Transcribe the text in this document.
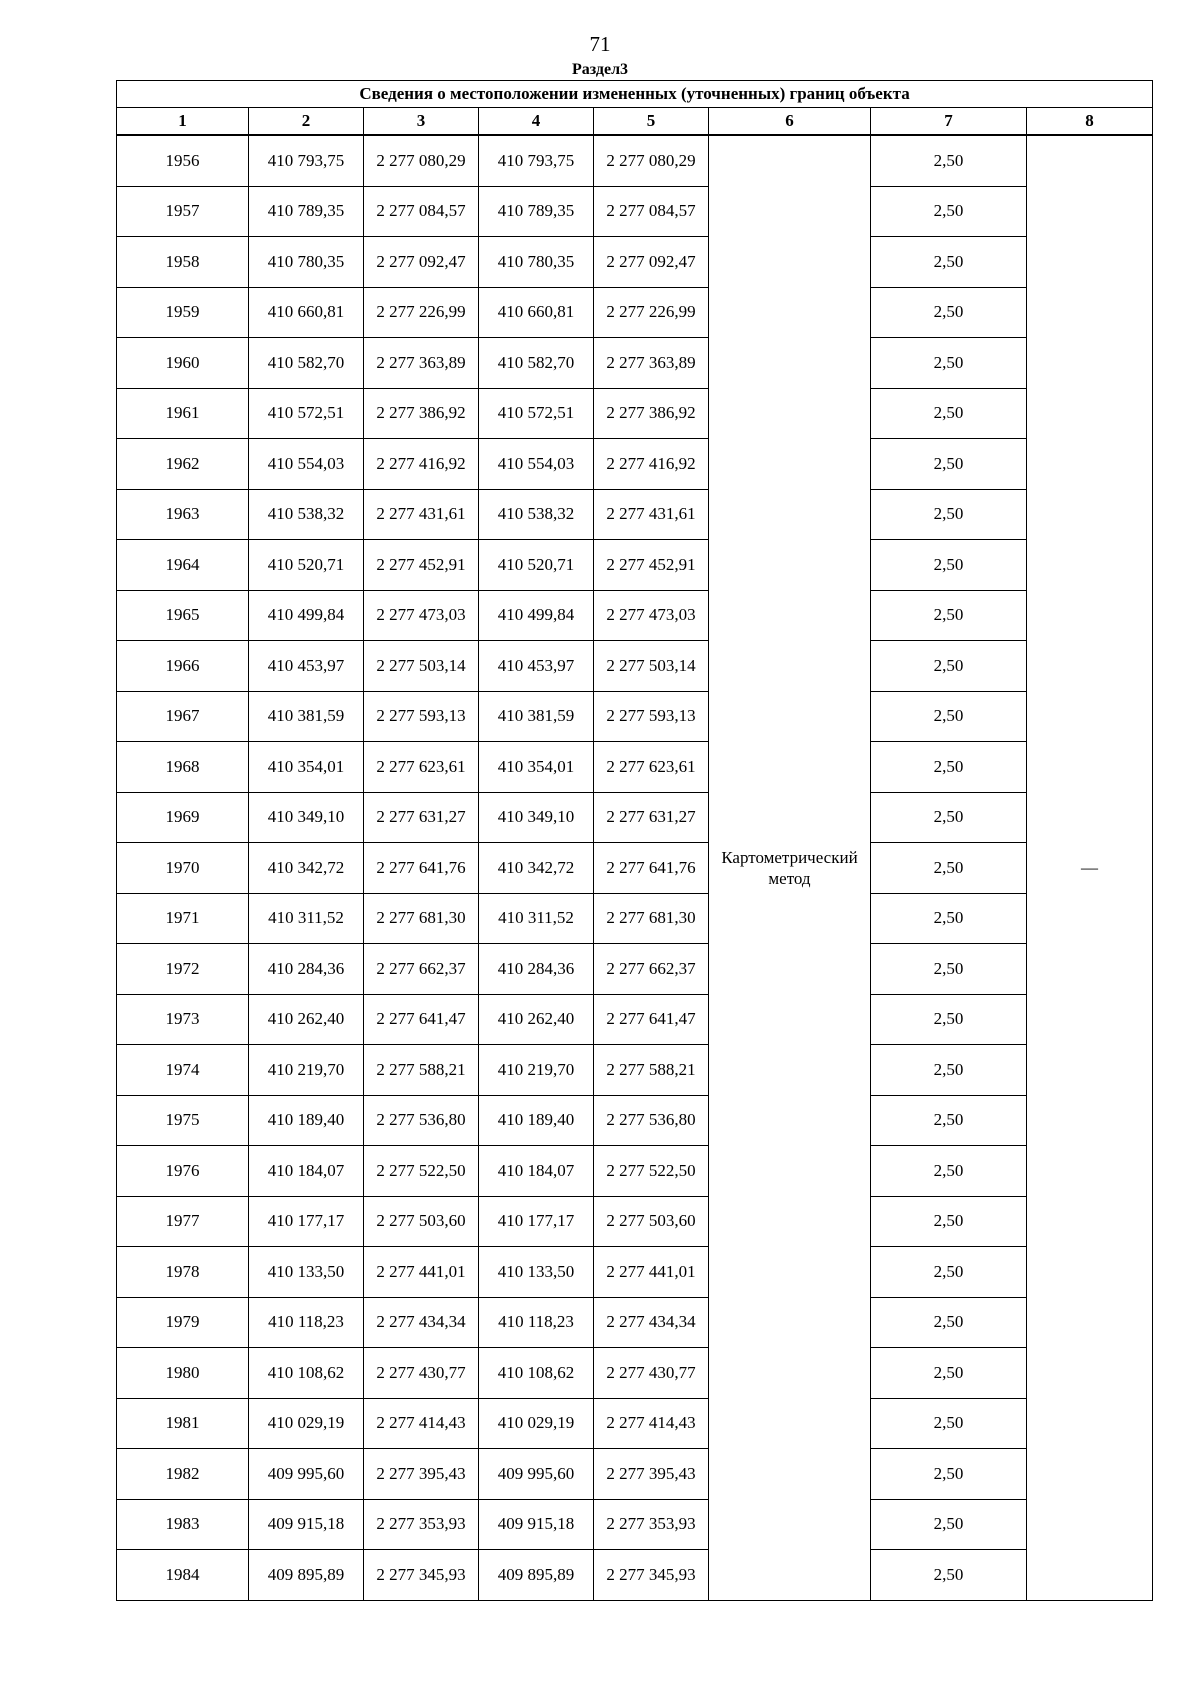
71
Раздел3
Сведения о местоположении измененных (уточненных) границ объекта							
1	2	3	4	5	6	7	8
1956	410 793,75	2 277 080,29	410 793,75	2 277 080,29	Картометрический метод	2,50	—
1957	410 789,35	2 277 084,57	410 789,35	2 277 084,57		2,50	
1958	410 780,35	2 277 092,47	410 780,35	2 277 092,47		2,50	
1959	410 660,81	2 277 226,99	410 660,81	2 277 226,99		2,50	
1960	410 582,70	2 277 363,89	410 582,70	2 277 363,89		2,50	
1961	410 572,51	2 277 386,92	410 572,51	2 277 386,92		2,50	
1962	410 554,03	2 277 416,92	410 554,03	2 277 416,92		2,50	
1963	410 538,32	2 277 431,61	410 538,32	2 277 431,61		2,50	
1964	410 520,71	2 277 452,91	410 520,71	2 277 452,91		2,50	
1965	410 499,84	2 277 473,03	410 499,84	2 277 473,03		2,50	
1966	410 453,97	2 277 503,14	410 453,97	2 277 503,14		2,50	
1967	410 381,59	2 277 593,13	410 381,59	2 277 593,13		2,50	
1968	410 354,01	2 277 623,61	410 354,01	2 277 623,61		2,50	
1969	410 349,10	2 277 631,27	410 349,10	2 277 631,27		2,50	
1970	410 342,72	2 277 641,76	410 342,72	2 277 641,76		2,50	
1971	410 311,52	2 277 681,30	410 311,52	2 277 681,30		2,50	
1972	410 284,36	2 277 662,37	410 284,36	2 277 662,37		2,50	
1973	410 262,40	2 277 641,47	410 262,40	2 277 641,47		2,50	
1974	410 219,70	2 277 588,21	410 219,70	2 277 588,21		2,50	
1975	410 189,40	2 277 536,80	410 189,40	2 277 536,80		2,50	
1976	410 184,07	2 277 522,50	410 184,07	2 277 522,50		2,50	
1977	410 177,17	2 277 503,60	410 177,17	2 277 503,60		2,50	
1978	410 133,50	2 277 441,01	410 133,50	2 277 441,01		2,50	
1979	410 118,23	2 277 434,34	410 118,23	2 277 434,34		2,50	
1980	410 108,62	2 277 430,77	410 108,62	2 277 430,77		2,50	
1981	410 029,19	2 277 414,43	410 029,19	2 277 414,43		2,50	
1982	409 995,60	2 277 395,43	409 995,60	2 277 395,43		2,50	
1983	409 915,18	2 277 353,93	409 915,18	2 277 353,93		2,50	
1984	409 895,89	2 277 345,93	409 895,89	2 277 345,93		2,50	
